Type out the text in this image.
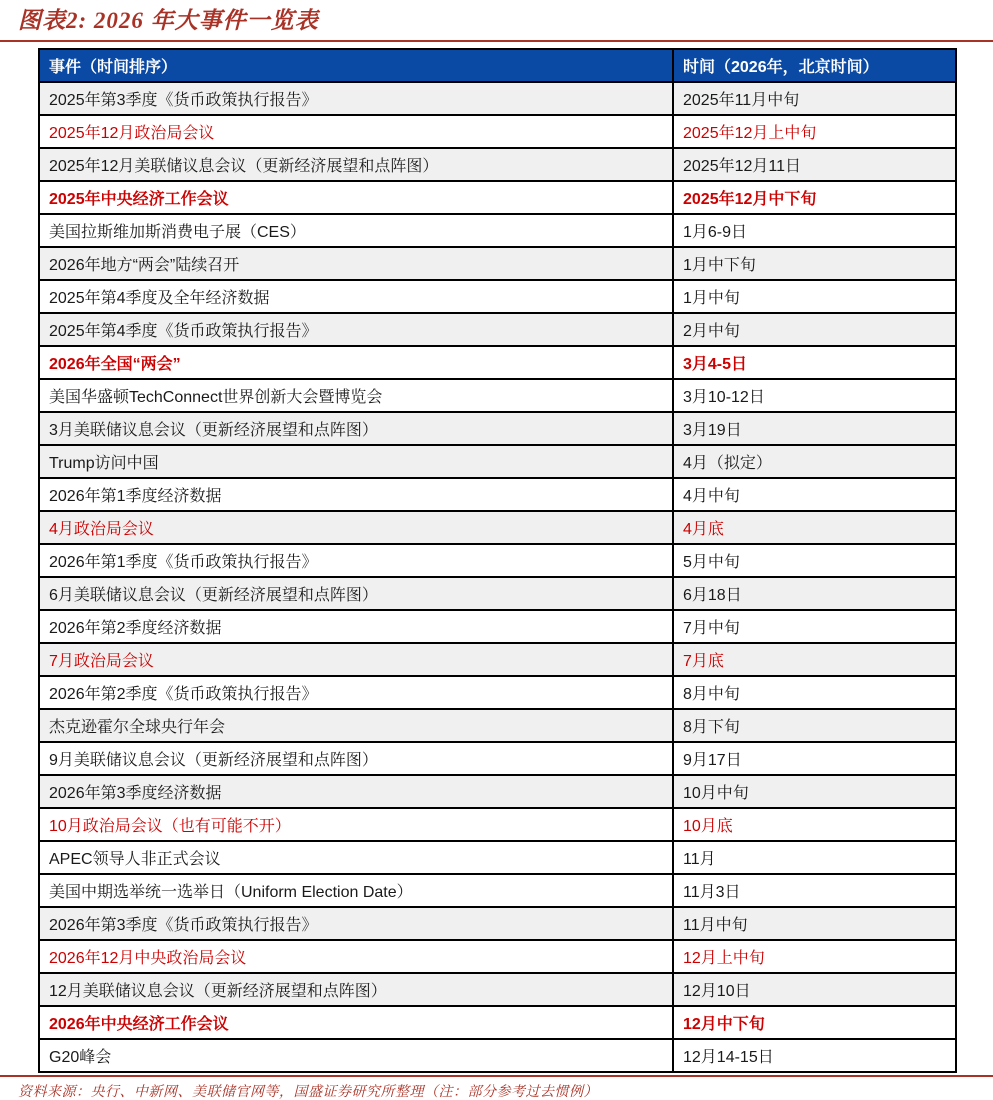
图表2: 2026 年大事件一览表
事件（时间排序）	时间（2026年，北京时间）
2025年第3季度《货币政策执行报告》	2025年11月中旬
2025年12月政治局会议	2025年12月上中旬
2025年12月美联储议息会议（更新经济展望和点阵图）	2025年12月11日
2025年中央经济工作会议	2025年12月中下旬
美国拉斯维加斯消费电子展（CES）	1月6-9日
2026年地方“两会”陆续召开	1月中下旬
2025年第4季度及全年经济数据	1月中旬
2025年第4季度《货币政策执行报告》	2月中旬
2026年全国“两会”	3月4-5日
美国华盛顿TechConnect世界创新大会暨博览会	3月10-12日
3月美联储议息会议（更新经济展望和点阵图）	3月19日
Trump访问中国	4月（拟定）
2026年第1季度经济数据	4月中旬
4月政治局会议	4月底
2026年第1季度《货币政策执行报告》	5月中旬
6月美联储议息会议（更新经济展望和点阵图）	6月18日
2026年第2季度经济数据	7月中旬
7月政治局会议	7月底
2026年第2季度《货币政策执行报告》	8月中旬
杰克逊霍尔全球央行年会	8月下旬
9月美联储议息会议（更新经济展望和点阵图）	9月17日
2026年第3季度经济数据	10月中旬
10月政治局会议（也有可能不开）	10月底
APEC领导人非正式会议	11月
美国中期选举统一选举日（Uniform Election Date）	11月3日
2026年第3季度《货币政策执行报告》	11月中旬
2026年12月中央政治局会议	12月上中旬
12月美联储议息会议（更新经济展望和点阵图）	12月10日
2026年中央经济工作会议	12月中下旬
G20峰会	12月14-15日
资料来源：央行、中新网、美联储官网等，国盛证券研究所整理（注：部分参考过去惯例）
